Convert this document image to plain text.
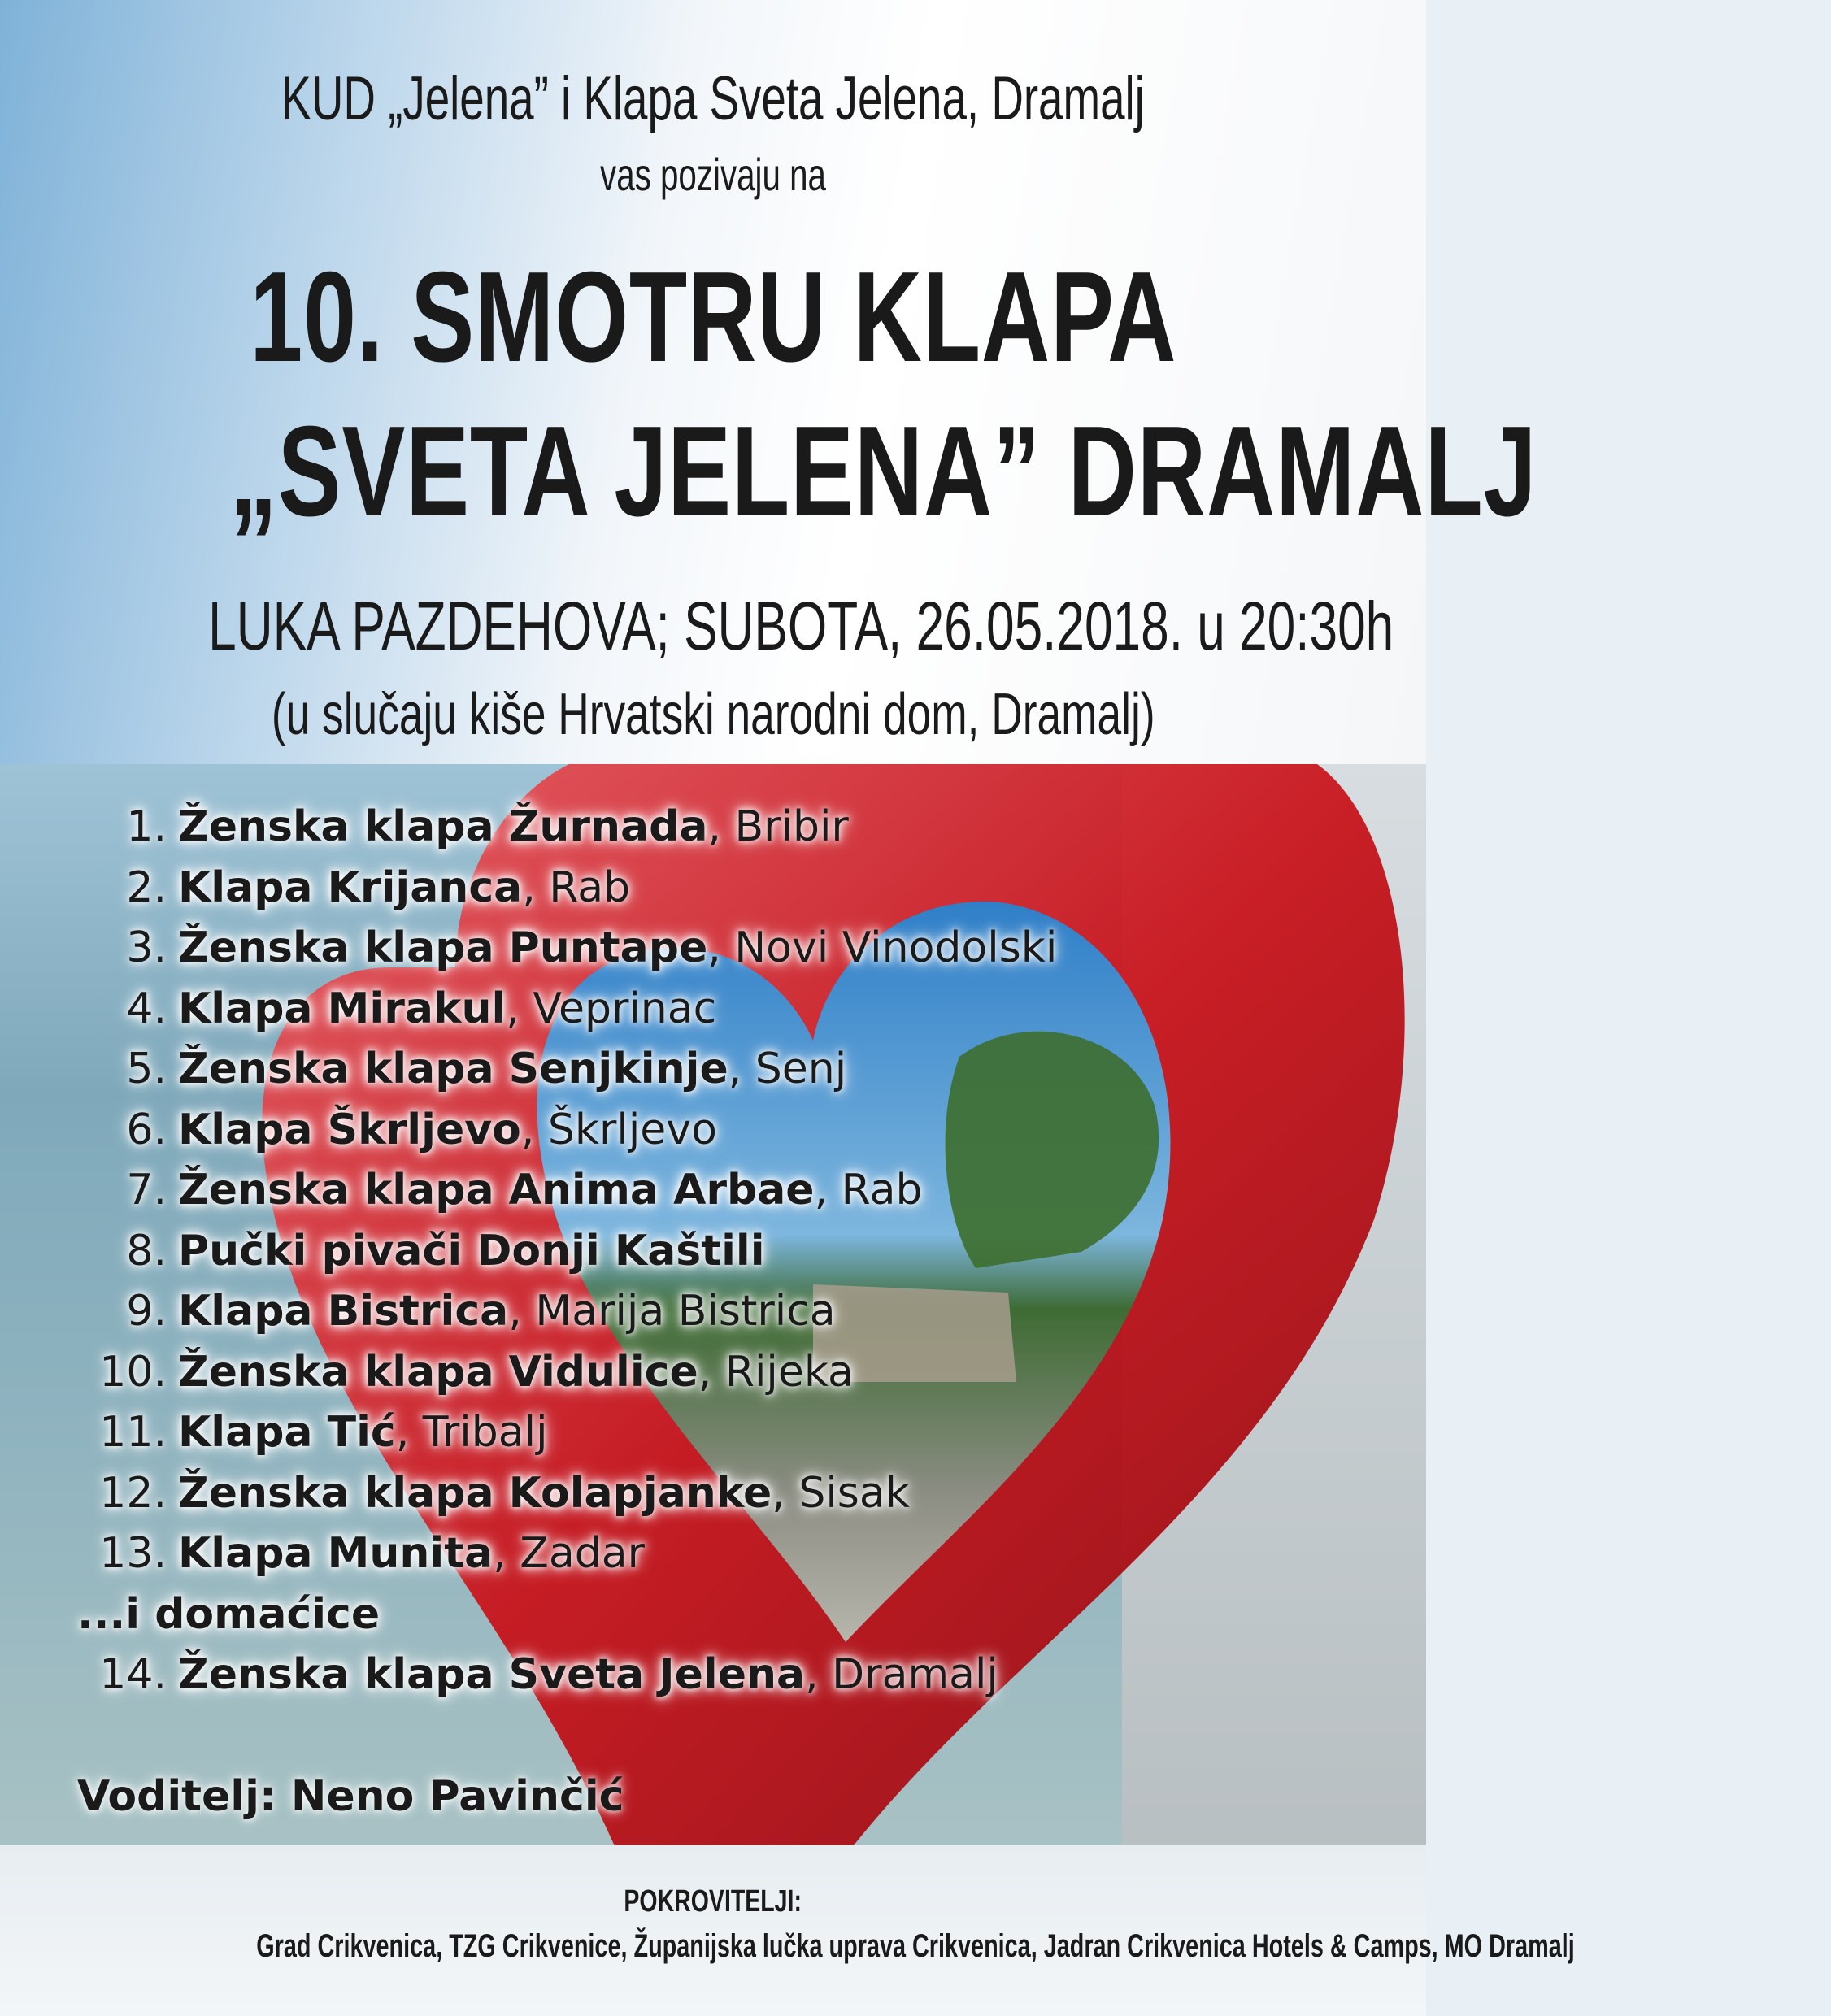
KUD „Jelena” i Klapa Sveta Jelena, Dramalj
vas pozivaju na
10. SMOTRU KLAPA
„SVETA JELENA” DRAMALJ
LUKA PAZDEHOVA; SUBOTA, 26.05.2018. u 20:30h
(u slučaju kiše Hrvatski narodni dom, Dramalj)
1. Ženska klapa Žurnada, Bribir
2. Klapa Krijanca, Rab
3. Ženska klapa Puntape, Novi Vinodolski
4. Klapa Mirakul, Veprinac
5. Ženska klapa Senjkinje, Senj
6. Klapa Škrljevo, Škrljevo
7. Ženska klapa Anima Arbae, Rab
8. Pučki pivači Donji Kaštili
9. Klapa Bistrica, Marija Bistrica
10. Ženska klapa Vidulice, Rijeka
11. Klapa Tić, Tribalj
12. Ženska klapa Kolapjanke, Sisak
13. Klapa Munita, Zadar
...i domaćice
14. Ženska klapa Sveta Jelena, Dramalj
Voditelj: Neno Pavinčić
POKROVITELJI:
Grad Crikvenica, TZG Crikvenice, Županijska lučka uprava Crikvenica, Jadran Crikvenica Hotels & Camps, MO Dramalj
